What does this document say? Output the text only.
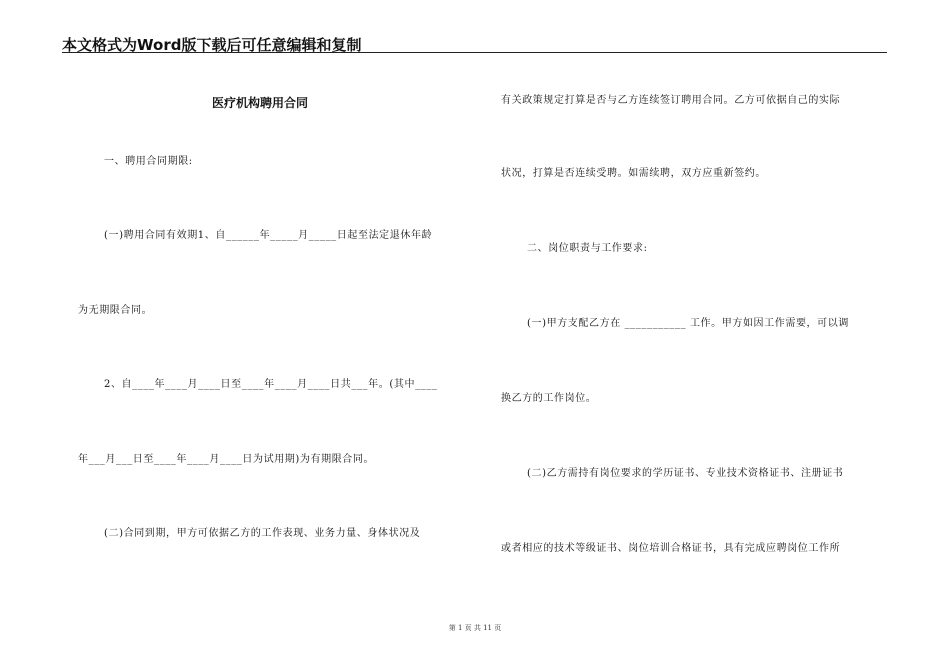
本文格式为Word版下载后可任意编辑和复制
医疗机构聘用合同
一、聘用合同期限:
(一)聘用合同有效期1、自______年_____月_____日起至法定退休年龄
为无期限合同。
2、自____年____月____日至____年____月____日共___年。(其中____
年___月___日至____年____月____日为试用期)为有期限合同。
(二)合同到期，甲方可依据乙方的工作表现、业务力量、身体状况及
有关政策规定打算是否与乙方连续签订聘用合同。乙方可依据自己的实际
状况，打算是否连续受聘。如需续聘，双方应重新签约。
二、岗位职责与工作要求:
(一)甲方支配乙方在 ___________ 工作。甲方如因工作需要，可以调
换乙方的工作岗位。
(二)乙方需持有岗位要求的学历证书、专业技术资格证书、注册证书
或者相应的技术等级证书、岗位培训合格证书，具有完成应聘岗位工作所
第 1 页 共 11 页
